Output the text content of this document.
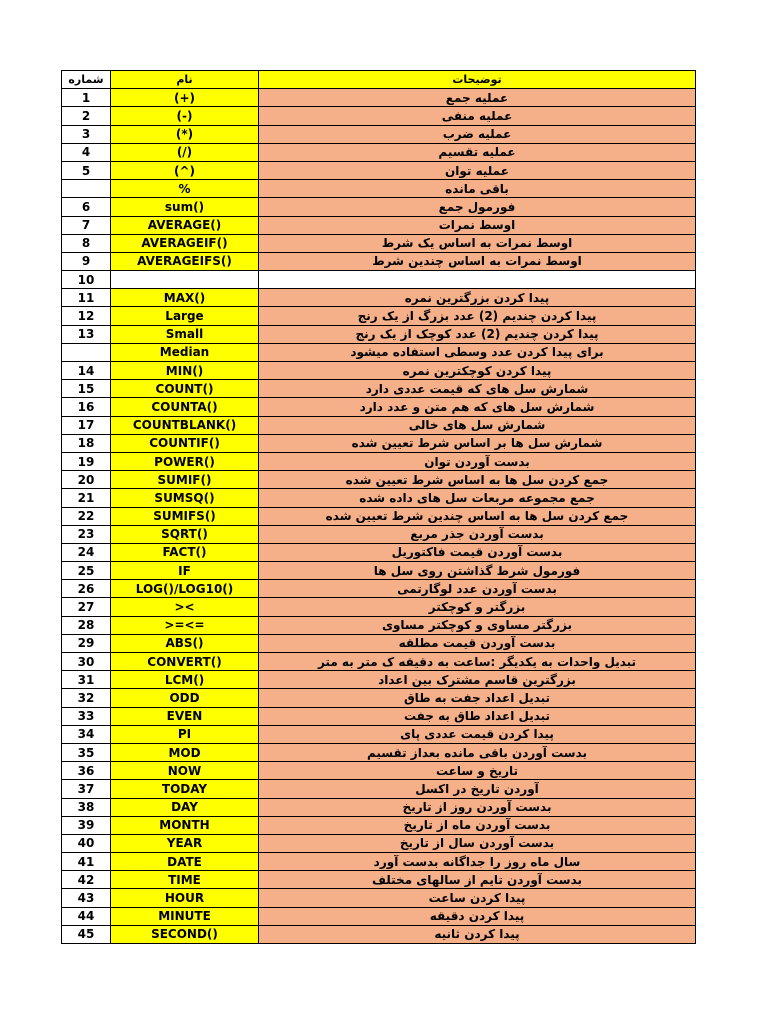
شماره	نام	توضیحات
1	(+)	عملیه جمع
2	(-)	عملیه منفی
3	(*)	عملیه ضرب
4	(/)	عملیه تقسیم
5	(^)	عملیه توان
	%	باقی مانده
6	sum()	فورمول جمع
7	AVERAGE()	اوسط نمرات
8	AVERAGEIF()	اوسط نمرات به اساس یک شرط
9	AVERAGEIFS()	اوسط نمرات به اساس چندین شرط
10		
11	MAX()	پیدا کردن بزرگترین نمره
12	Large	پیدا کردن چندیم (2) عدد بزرگ از یک رنج
13	Small	پیدا کردن چندیم (2) عدد کوچک از یک رنج
	Median	برای پیدا کردن عدد وسطی استفاده میشود
14	MIN()	پیدا کردن کوچکترین نمره
15	COUNT()	شمارش سل های که قیمت عددی دارد
16	COUNTA()	شمارش سل های که هم متن و عدد دارد
17	COUNTBLANK()	شمارش سل های خالی
18	COUNTIF()	شمارش سل ها بر اساس شرط تعیین شده
19	POWER()	بدست آوردن توان
20	SUMIF()	جمع کردن سل ها به اساس شرط تعیین شده
21	SUMSQ()	جمع مجموعه مربعات سل های داده شده
22	SUMIFS()	جمع کردن سل ها به اساس چندین شرط تعیین شده
23	SQRT()	بدست آوردن جذر مربع
24	FACT()	بدست آوردن قیمت فاکتوریل
25	IF	فورمول شرط گذاشتن روی سل ها
26	LOG()/LOG10()	بدست آوردن عدد لوگارتمی
27	><	بزرگتر و کوچکتر
28	>=<=	بزرگتر مساوی و کوچکتر مساوی
29	ABS()	بدست آوردن قیمت مطلقه
30	CONVERT()	تبدیل واحدات به یکدیگر :ساعت به دقیقه ک متر به متر
31	LCM()	بزرگترین قاسم مشترک بین اعداد
32	ODD	تبدیل اعداد جفت به طاق
33	EVEN	تبدیل اعداد طاق به جفت
34	PI	پیدا کردن قیمت عددی پای
35	MOD	بدست آوردن باقی مانده بعداز تقسیم
36	NOW	تاریخ و ساعت
37	TODAY	آوردن تاریخ در اکسل
38	DAY	بدست آوردن روز از تاریخ
39	MONTH	بدست آوردن ماه از تاریخ
40	YEAR	بدست آوردن سال از تاریخ
41	DATE	سال ماه روز را جداگانه بدست آورد
42	TIME	بدست آوردن تایم از سالهای مختلف
43	HOUR	پیدا کردن ساعت
44	MINUTE	پیدا کردن دقیقه
45	SECOND()	پیدا کردن ثانیه
